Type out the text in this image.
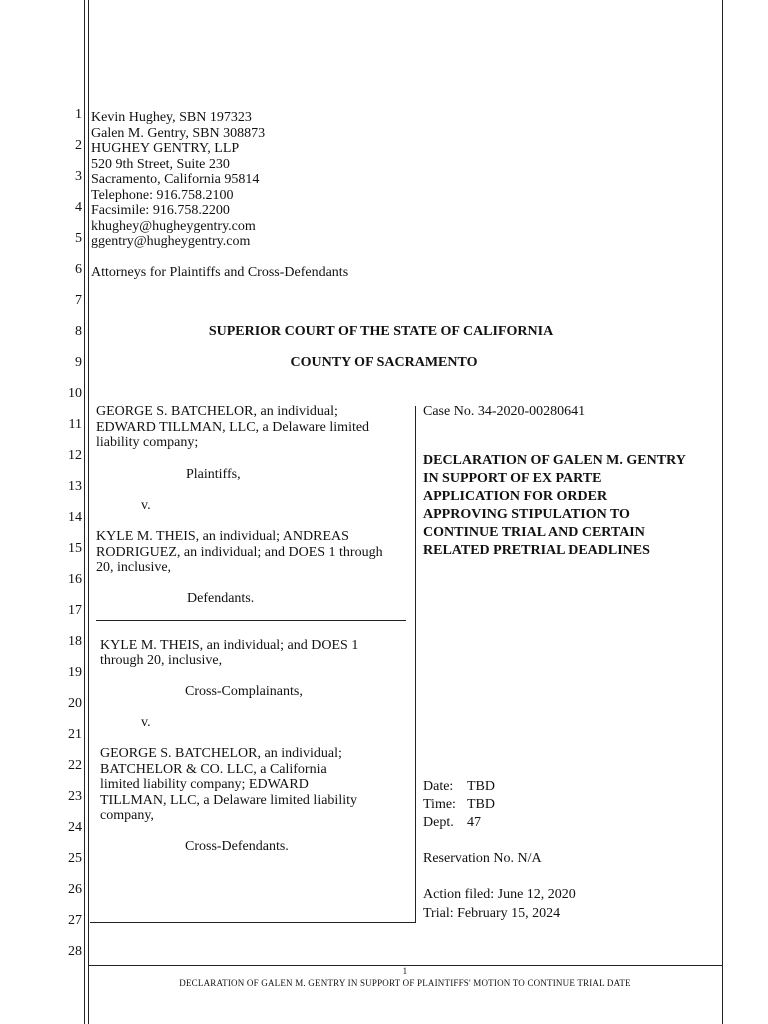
1
2
3
4
5
6
7
8
9
10
11
12
13
14
15
16
17
18
19
20
21
22
23
24
25
26
27
28
Kevin Hughey, SBN 197323
Galen M. Gentry, SBN 308873
HUGHEY GENTRY, LLP
520 9th Street, Suite 230
Sacramento, California 95814
Telephone: 916.758.2100
Facsimile: 916.758.2200
khughey@hugheygentry.com
ggentry@hugheygentry.com
Attorneys for Plaintiffs and Cross-Defendants
SUPERIOR COURT OF THE STATE OF CALIFORNIA
COUNTY OF SACRAMENTO
GEORGE S. BATCHELOR, an individual;
EDWARD TILLMAN, LLC, a Delaware limited
liability company;
Plaintiffs,
v.
KYLE M. THEIS, an individual; ANDREAS
RODRIGUEZ, an individual; and DOES 1 through
20, inclusive,
Defendants.
KYLE M. THEIS, an individual; and DOES 1
through 20, inclusive,
Cross-Complainants,
v.
GEORGE S. BATCHELOR, an individual;
BATCHELOR & CO. LLC, a California
limited liability company; EDWARD
TILLMAN, LLC, a Delaware limited liability
company,
Cross-Defendants.
Case No. 34-2020-00280641
DECLARATION OF GALEN M. GENTRY
IN SUPPORT OF EX PARTE
APPLICATION FOR ORDER
APPROVING STIPULATION TO
CONTINUE TRIAL AND CERTAIN
RELATED PRETRIAL DEADLINES
Date: TBD
Time: TBD
Dept. 47
Reservation No. N/A
Action filed: June 12, 2020
Trial: February 15, 2024
1
DECLARATION OF GALEN M. GENTRY IN SUPPORT OF PLAINTIFFS' MOTION TO CONTINUE TRIAL DATE
